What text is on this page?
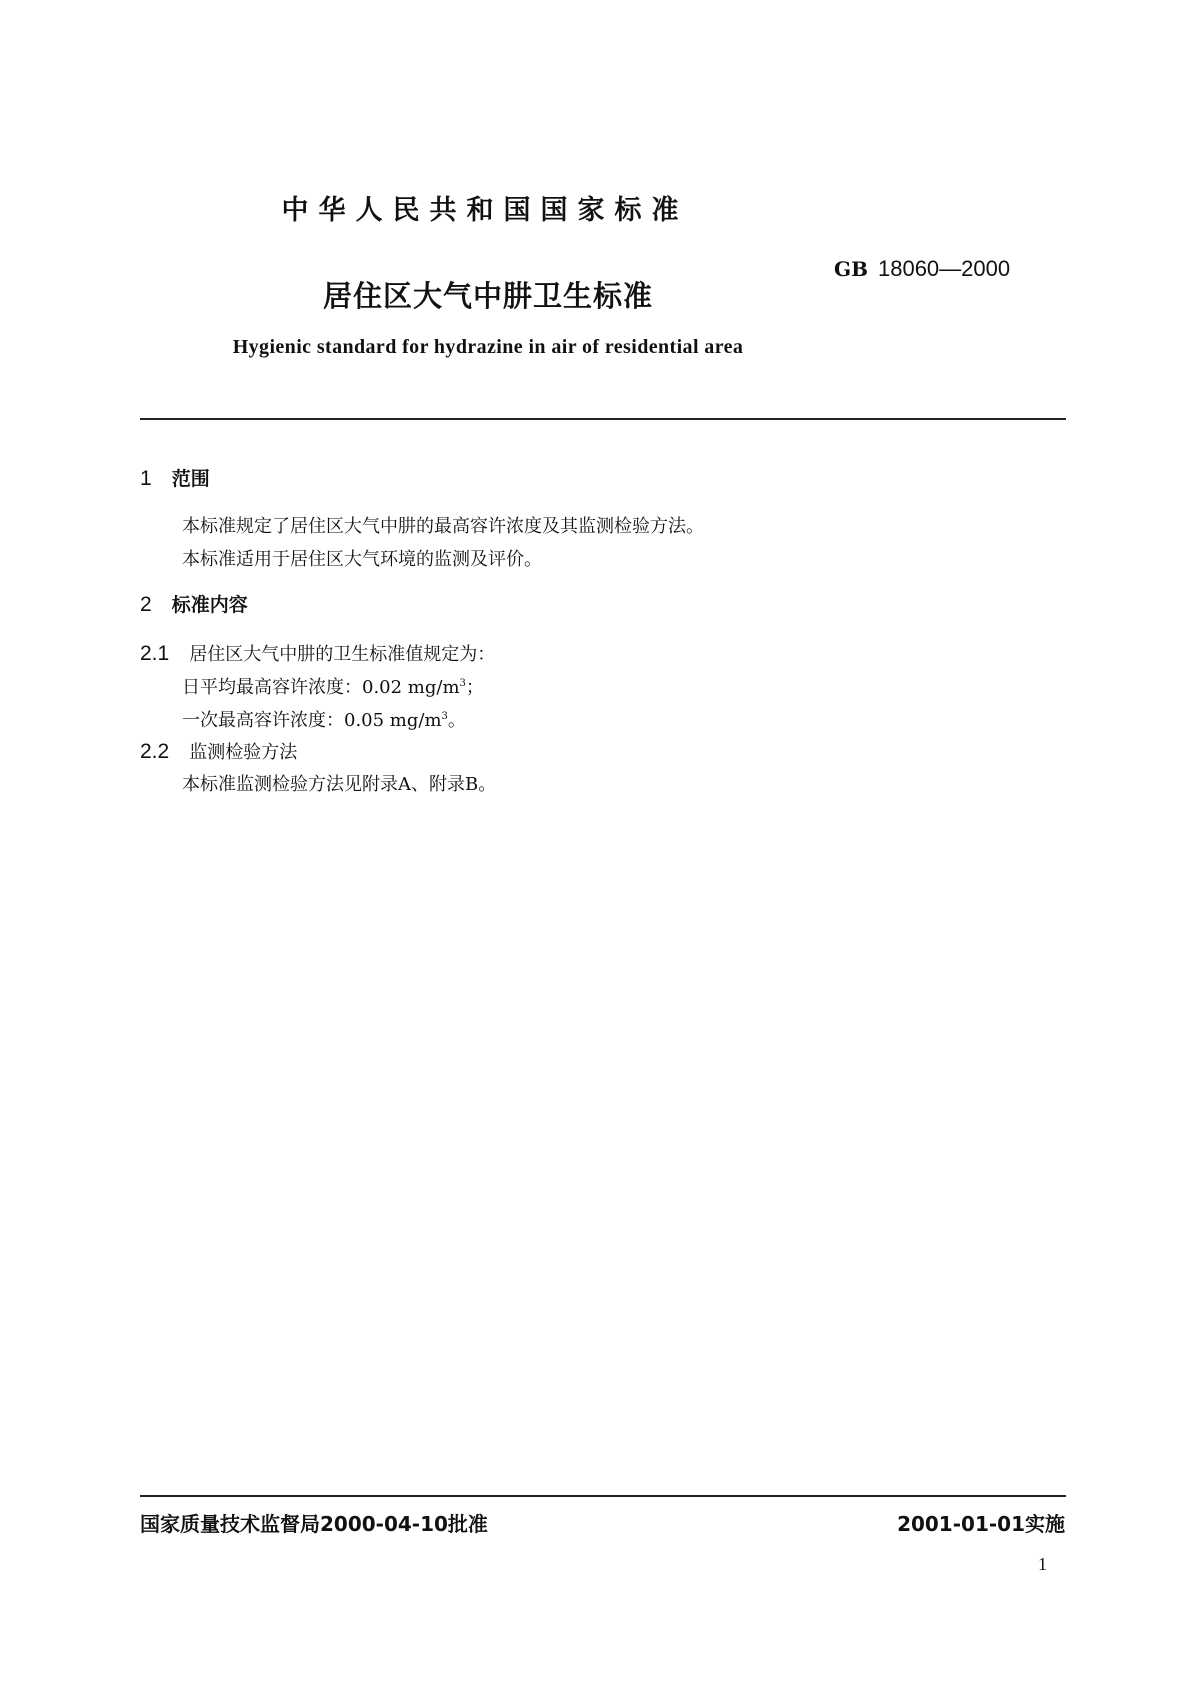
中华人民共和国国家标准
GB 18060—2000
居住区大气中肼卫生标准
Hygienic standard for hydrazine in air of residential area
1 范围
本标准规定了居住区大气中肼的最高容许浓度及其监测检验方法。
本标准适用于居住区大气环境的监测及评价。
2 标准内容
2.1 居住区大气中肼的卫生标准值规定为：
日平均最高容许浓度：0.02 $mg/m^3$；
一次最高容许浓度：0.05 $mg/m^3$。
2.2 监测检验方法
本标准监测检验方法见附录A、附录B。
国家质量技术监督局2000-04-10批准	2001-01-01实施
1
